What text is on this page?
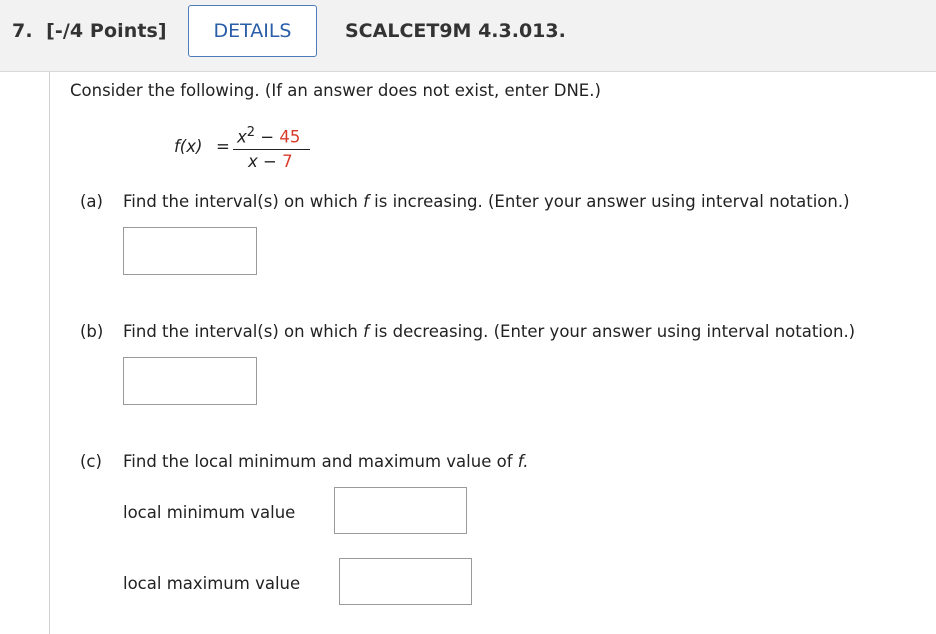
7. [-/4 Points]	DETAILS	SCALCET9M 4.3.013.
Consider the following. (If an answer does not exist, enter DNE.)
$f(x) = x^2 - 45$
x − 7
(a) Find the interval(s) on which f is increasing. (Enter your answer using interval notation.)
(b) Find the interval(s) on which f is decreasing. (Enter your answer using interval notation.)
(c) Find the local minimum and maximum value of f.
local minimum value
local maximum value
